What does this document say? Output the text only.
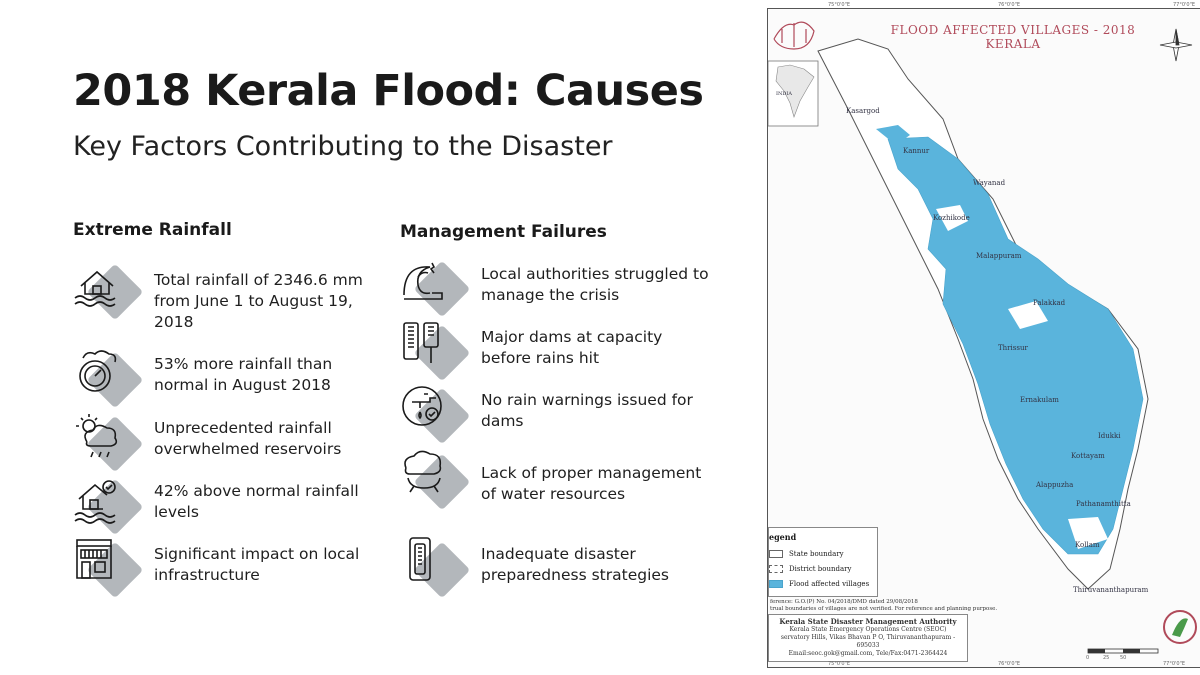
2018 Kerala Flood: Causes
Key Factors Contributing to the Disaster
Extreme Rainfall
Total rainfall of 2346.6 mm from June 1 to August 19, 2018
53% more rainfall than normal in August 2018
Unprecedented rainfall overwhelmed reservoirs
42% above normal rainfall levels
Significant impact on local infrastructure
Management Failures
Local authorities struggled to manage the crisis
Major dams at capacity before rains hit
No rain warnings issued for dams
Lack of proper management of water resources
Inadequate disaster preparedness strategies
75°0'0"E	76°0'0"E	77°0'0"E
FLOOD AFFECTED VILLAGES - 2018
KERALA
INDIA
Kasargod
Kannur
Wayanad
Kozhikode
Malappuram
Palakkad
Thrissur
Ernakulam
Idukki
Kottayam
Alappuzha
Pathanamthitta
Kollam
Thiruvananthapuram
egend
State boundary
District boundary
Flood affected villages
ference: G.O.(P) No. 04/2018/DMD dated 29/08/2018
trual boundaries of villages are not verified. For reference and planning purpose.
Kerala State Disaster Management Authority
Kerala State Emergency Operations Centre (SEOC)
servatory Hills, Vikas Bhavan P O, Thiruvananthapuram - 695033
Email:seoc.gok@gmail.com, Tele/Fax:0471-2364424
0	25 50
75°0'0"E	76°0'0"E	77°0'0"E
